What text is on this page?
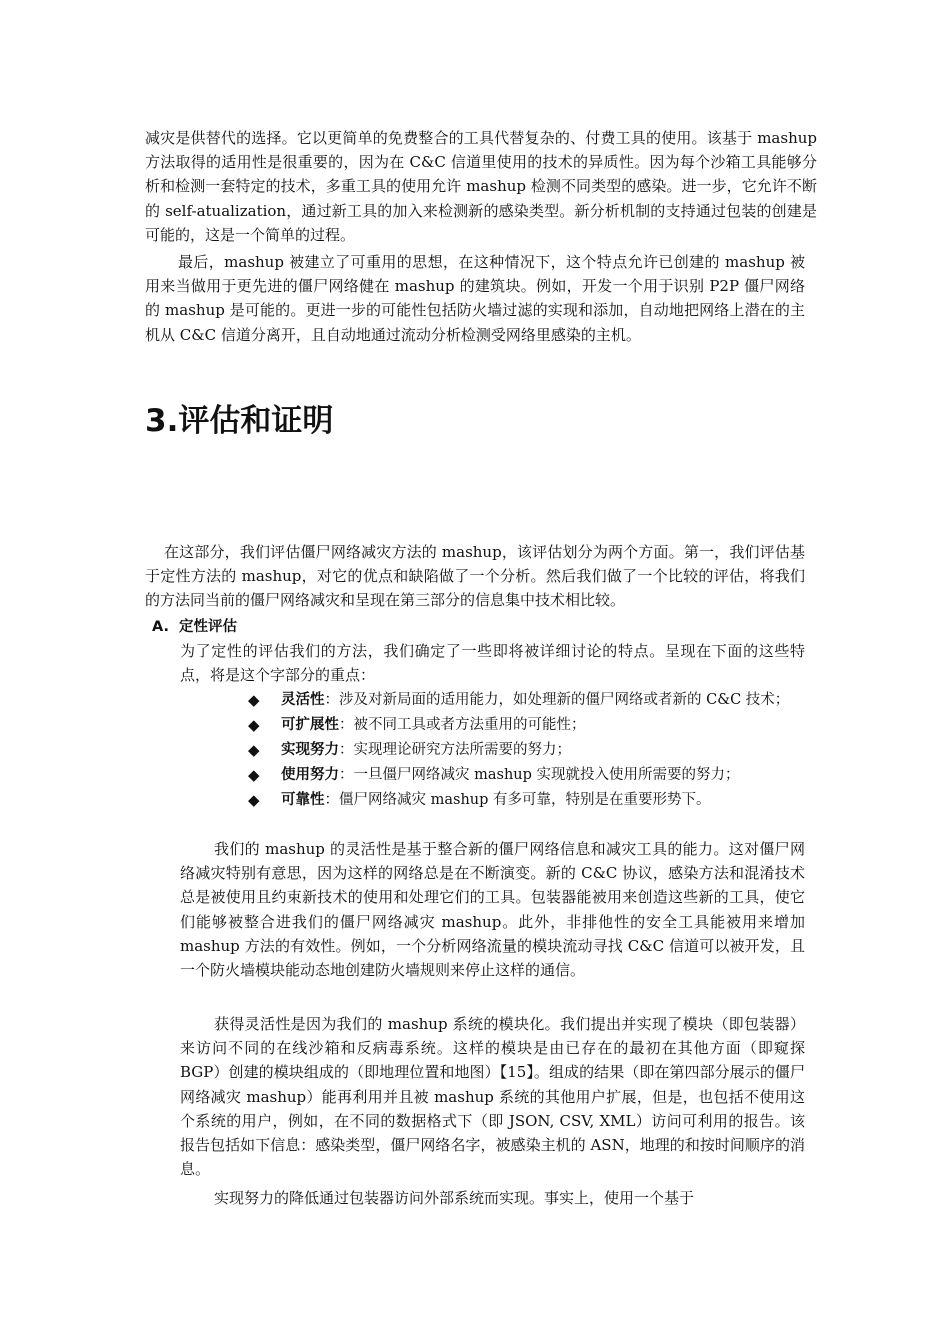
减灾是供替代的选择。它以更简单的免费整合的工具代替复杂的、付费工具的使用。该基于 mashup 方法取得的适用性是很重要的，因为在 C&C 信道里使用的技术的异质性。因为每个沙箱工具能够分析和检测一套特定的技术，多重工具的使用允许 mashup 检测不同类型的感染。进一步，它允许不断的 self-atualization，通过新工具的加入来检测新的感染类型。新分析机制的支持通过包装的创建是可能的，这是一个简单的过程。

最后，mashup 被建立了可重用的思想，在这种情况下，这个特点允许已创建的 mashup 被用来当做用于更先进的僵尸网络健在 mashup 的建筑块。例如，开发一个用于识别 P2P 僵尸网络的 mashup 是可能的。更进一步的可能性包括防火墙过滤的实现和添加，自动地把网络上潜在的主机从 C&C 信道分离开，且自动地通过流动分析检测受网络里感染的主机。

3.评估和证明

在这部分，我们评估僵尸网络减灾方法的 mashup，该评估划分为两个方面。第一，我们评估基于定性方法的 mashup，对它的优点和缺陷做了一个分析。然后我们做了一个比较的评估，将我们的方法同当前的僵尸网络减灾和呈现在第三部分的信息集中技术相比较。

A. 定性评估

为了定性的评估我们的方法，我们确定了一些即将被详细讨论的特点。呈现在下面的这些特点，将是这个字部分的重点：

◆ 灵活性：涉及对新局面的适用能力，如处理新的僵尸网络或者新的 C&C 技术；
◆ 可扩展性：被不同工具或者方法重用的可能性；
◆ 实现努力：实现理论研究方法所需要的努力；
◆ 使用努力：一旦僵尸网络减灾 mashup 实现就投入使用所需要的努力；
◆ 可靠性：僵尸网络减灾 mashup 有多可靠，特别是在重要形势下。

我们的 mashup 的灵活性是基于整合新的僵尸网络信息和减灾工具的能力。这对僵尸网络减灾特别有意思，因为这样的网络总是在不断演变。新的 C&C 协议，感染方法和混淆技术总是被使用且约束新技术的使用和处理它们的工具。包装器能被用来创造这些新的工具，使它们能够被整合进我们的僵尸网络减灾 mashup。此外，非排他性的安全工具能被用来增加 mashup 方法的有效性。例如，一个分析网络流量的模块流动寻找 C&C 信道可以被开发，且一个防火墙模块能动态地创建防火墙规则来停止这样的通信。

获得灵活性是因为我们的 mashup 系统的模块化。我们提出并实现了模块（即包装器）来访问不同的在线沙箱和反病毒系统。这样的模块是由已存在的最初在其他方面（即窥探 BGP）创建的模块组成的（即地理位置和地图）【15】。组成的结果（即在第四部分展示的僵尸网络减灾 mashup）能再利用并且被 mashup 系统的其他用户扩展，但是，也包括不使用这个系统的用户，例如，在不同的数据格式下（即 JSON, CSV, XML）访问可利用的报告。该报告包括如下信息：感染类型，僵尸网络名字，被感染主机的 ASN，地理的和按时间顺序的消息。

实现努力的降低通过包装器访问外部系统而实现。事实上，使用一个基于
